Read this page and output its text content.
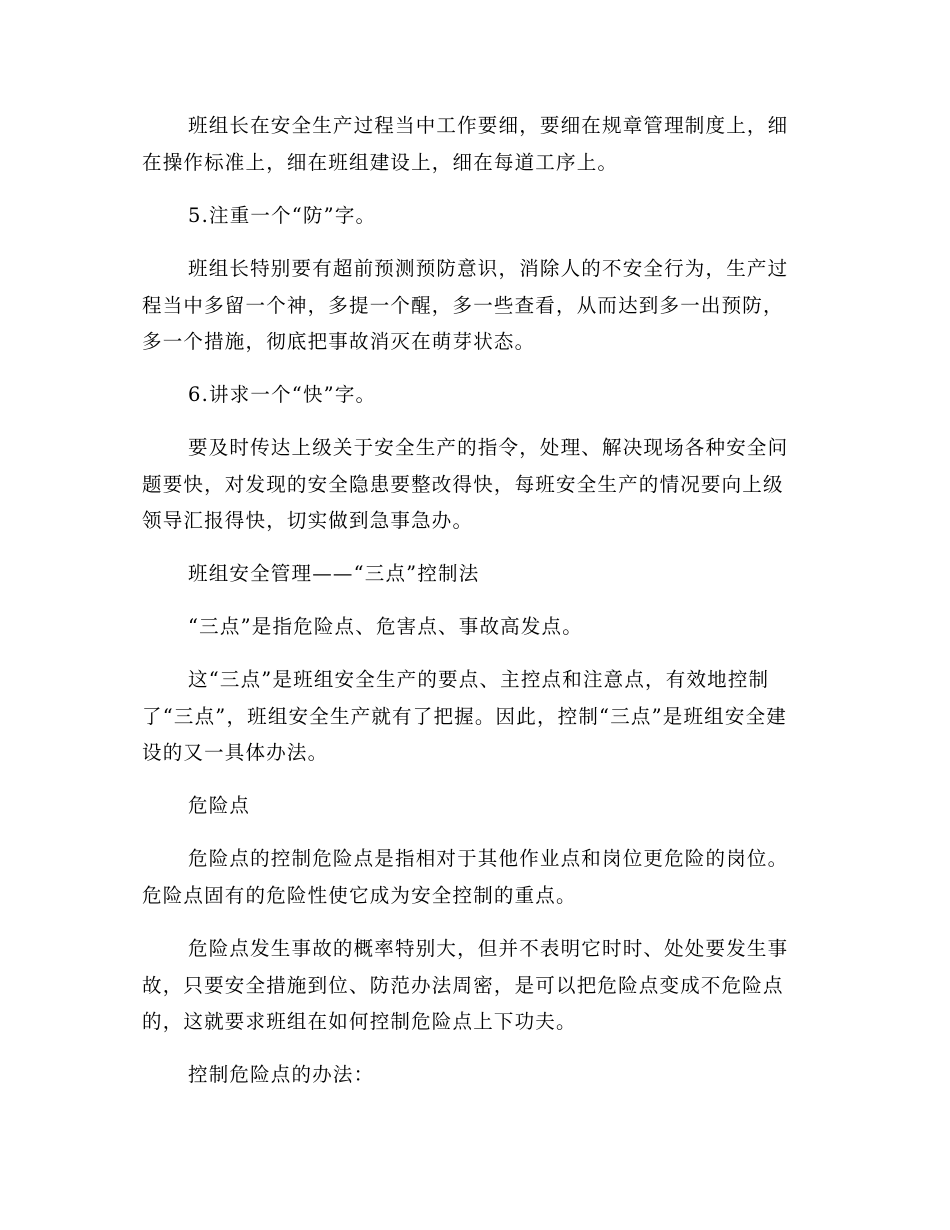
班组长在安全生产过程当中工作要细，要细在规章管理制度上，细在操作标准上，细在班组建设上，细在每道工序上。

5.注重一个“防”字。

班组长特别要有超前预测预防意识，消除人的不安全行为，生产过程当中多留一个神，多提一个醒，多一些查看，从而达到多一出预防，多一个措施，彻底把事故消灭在萌芽状态。

6.讲求一个“快”字。

要及时传达上级关于安全生产的指令，处理、解决现场各种安全问题要快，对发现的安全隐患要整改得快，每班安全生产的情况要向上级领导汇报得快，切实做到急事急办。

班组安全管理——“三点”控制法

“三点”是指危险点、危害点、事故高发点。

这“三点”是班组安全生产的要点、主控点和注意点，有效地控制了“三点”，班组安全生产就有了把握。因此，控制“三点”是班组安全建设的又一具体办法。

危险点

危险点的控制危险点是指相对于其他作业点和岗位更危险的岗位。危险点固有的危险性使它成为安全控制的重点。

危险点发生事故的概率特别大，但并不表明它时时、处处要发生事故，只要安全措施到位、防范办法周密，是可以把危险点变成不危险点的，这就要求班组在如何控制危险点上下功夫。

控制危险点的办法：
